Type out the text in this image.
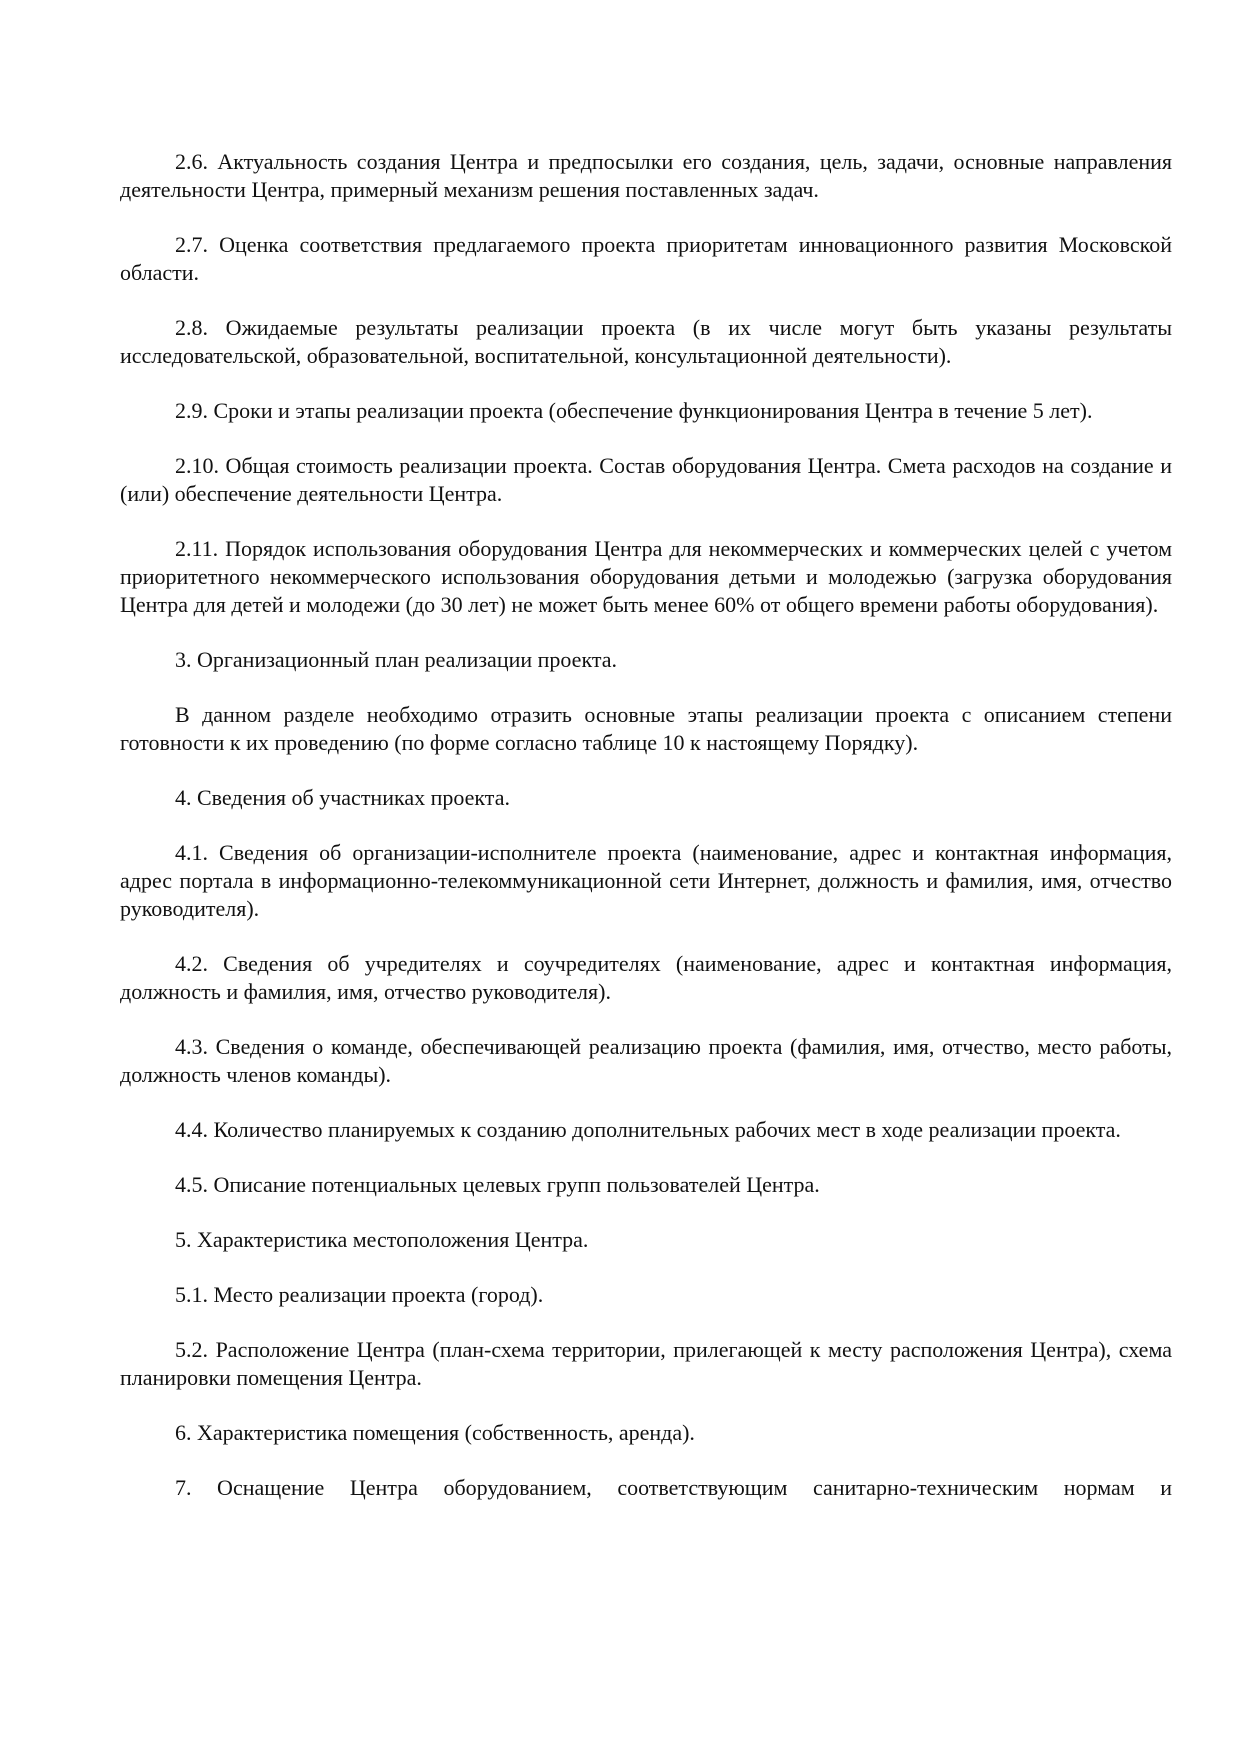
2.6. Актуальность создания Центра и предпосылки его создания, цель, задачи, основные направления деятельности Центра, примерный механизм решения поставленных задач.

2.7. Оценка соответствия предлагаемого проекта приоритетам инновационного развития Московской области.

2.8. Ожидаемые результаты реализации проекта (в их числе могут быть указаны результаты исследовательской, образовательной, воспитательной, консультационной деятельности).

2.9. Сроки и этапы реализации проекта (обеспечение функционирования Центра в течение 5 лет).

2.10. Общая стоимость реализации проекта. Состав оборудования Центра. Смета расходов на создание и (или) обеспечение деятельности Центра.

2.11. Порядок использования оборудования Центра для некоммерческих и коммерческих целей с учетом приоритетного некоммерческого использования оборудования детьми и молодежью (загрузка оборудования Центра для детей и молодежи (до 30 лет) не может быть менее 60% от общего времени работы оборудования).

3. Организационный план реализации проекта.

В данном разделе необходимо отразить основные этапы реализации проекта с описанием степени готовности к их проведению (по форме согласно таблице 10 к настоящему Порядку).

4. Сведения об участниках проекта.

4.1. Сведения об организации-исполнителе проекта (наименование, адрес и контактная информация, адрес портала в информационно-телекоммуникационной сети Интернет, должность и фамилия, имя, отчество руководителя).

4.2. Сведения об учредителях и соучредителях (наименование, адрес и контактная информация, должность и фамилия, имя, отчество руководителя).

4.3. Сведения о команде, обеспечивающей реализацию проекта (фамилия, имя, отчество, место работы, должность членов команды).

4.4. Количество планируемых к созданию дополнительных рабочих мест в ходе реализации проекта.

4.5. Описание потенциальных целевых групп пользователей Центра.

5. Характеристика местоположения Центра.

5.1. Место реализации проекта (город).

5.2. Расположение Центра (план-схема территории, прилегающей к месту расположения Центра), схема планировки помещения Центра.

6. Характеристика помещения (собственность, аренда).

7. Оснащение Центра оборудованием, соответствующим санитарно-техническим нормам и
